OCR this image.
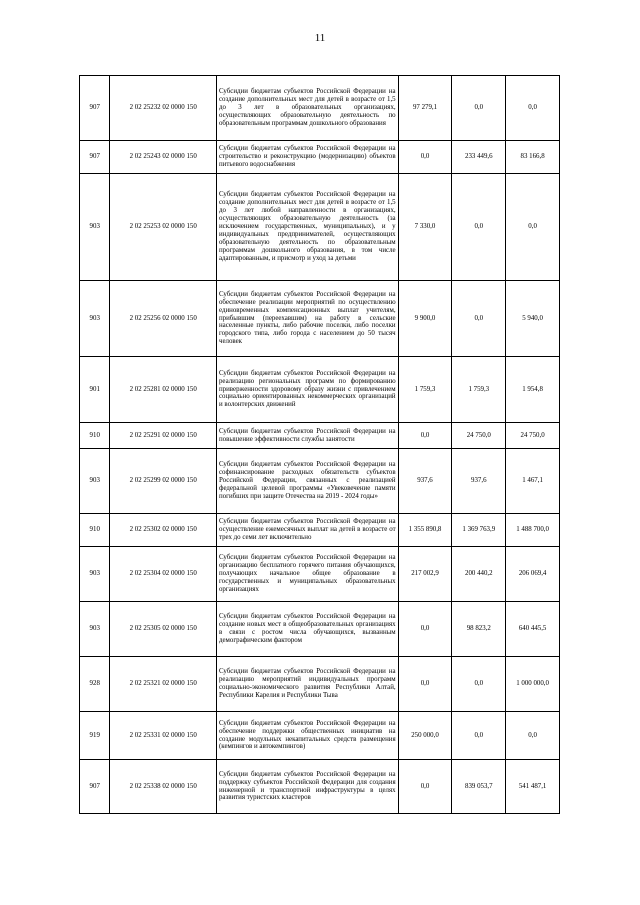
11
907	2 02 25232 02 0000 150	Субсидии бюджетам субъектов Российской Федерации на создание дополнительных мест для детей в возрасте от 1,5 до 3 лет в образовательных организациях, осуществляющих образовательную деятельность по образовательным программам дошкольного образования	97 279,1	0,0	0,0
907	2 02 25243 02 0000 150	Субсидии бюджетам субъектов Российской Федерации на строительство и реконструкцию (модернизацию) объектов питьевого водоснабжения	0,0	233 449,6	83 166,8
903	2 02 25253 02 0000 150	Субсидии бюджетам субъектов Российской Федерации на создание дополнительных мест для детей в возрасте от 1,5 до 3 лет любой направленности в организациях, осуществляющих образовательную деятельность (за исключением государственных, муниципальных), и у индивидуальных предпринимателей, осуществляющих образовательную деятельность по образовательным программам дошкольного образования, в том числе адаптированным, и присмотр и уход за детьми	7 330,0	0,0	0,0
903	2 02 25256 02 0000 150	Субсидии бюджетам субъектов Российской Федерации на обеспечение реализации мероприятий по осуществлению единовременных компенсационных выплат учителям, прибывшим (переехавшим) на работу в сельские населенные пункты, либо рабочие поселки, либо поселки городского типа, либо города с населением до 50 тысяч человек	9 900,0	0,0	5 940,0
901	2 02 25281 02 0000 150	Субсидии бюджетам субъектов Российской Федерации на реализацию региональных программ по формированию приверженности здоровому образу жизни с привлечением социально ориентированных некоммерческих организаций и волонтерских движений	1 759,3	1 759,3	1 954,8
910	2 02 25291 02 0000 150	Субсидии бюджетам субъектов Российской Федерации на повышение эффективности службы занятости	0,0	24 750,0	24 750,0
903	2 02 25299 02 0000 150	Субсидии бюджетам субъектов Российской Федерации на софинансирование расходных обязательств субъектов Российской Федерации, связанных с реализацией федеральной целевой программы «Увековечение памяти погибших при защите Отечества на 2019 - 2024 годы»	937,6	937,6	1 467,1
910	2 02 25302 02 0000 150	Субсидии бюджетам субъектов Российской Федерации на осуществление ежемесячных выплат на детей в возрасте от трех до семи лет включительно	1 355 890,8	1 369 763,9	1 488 700,0
903	2 02 25304 02 0000 150	Субсидии бюджетам субъектов Российской Федерации на организацию бесплатного горячего питания обучающихся, получающих начальное общее образование в государственных и муниципальных образовательных организациях	217 002,9	200 440,2	206 069,4
903	2 02 25305 02 0000 150	Субсидии бюджетам субъектов Российской Федерации на создание новых мест в общеобразовательных организациях в связи с ростом числа обучающихся, вызванным демографическим фактором	0,0	98 823,2	640 445,5
928	2 02 25321 02 0000 150	Субсидии бюджетам субъектов Российской Федерации на реализацию мероприятий индивидуальных программ социально-экономического развития Республики Алтай, Республики Карелия и Республики Тыва	0,0	0,0	1 000 000,0
919	2 02 25331 02 0000 150	Субсидии бюджетам субъектов Российской Федерации на обеспечение поддержки общественных инициатив на создание модульных некапитальных средств размещения (кемпингов и автокемпингов)	250 000,0	0,0	0,0
907	2 02 25338 02 0000 150	Субсидии бюджетам субъектов Российской Федерации на поддержку субъектов Российской Федерации для создания инженерной и транспортной инфраструктуры в целях развития туристских кластеров	0,0	839 053,7	541 487,1
